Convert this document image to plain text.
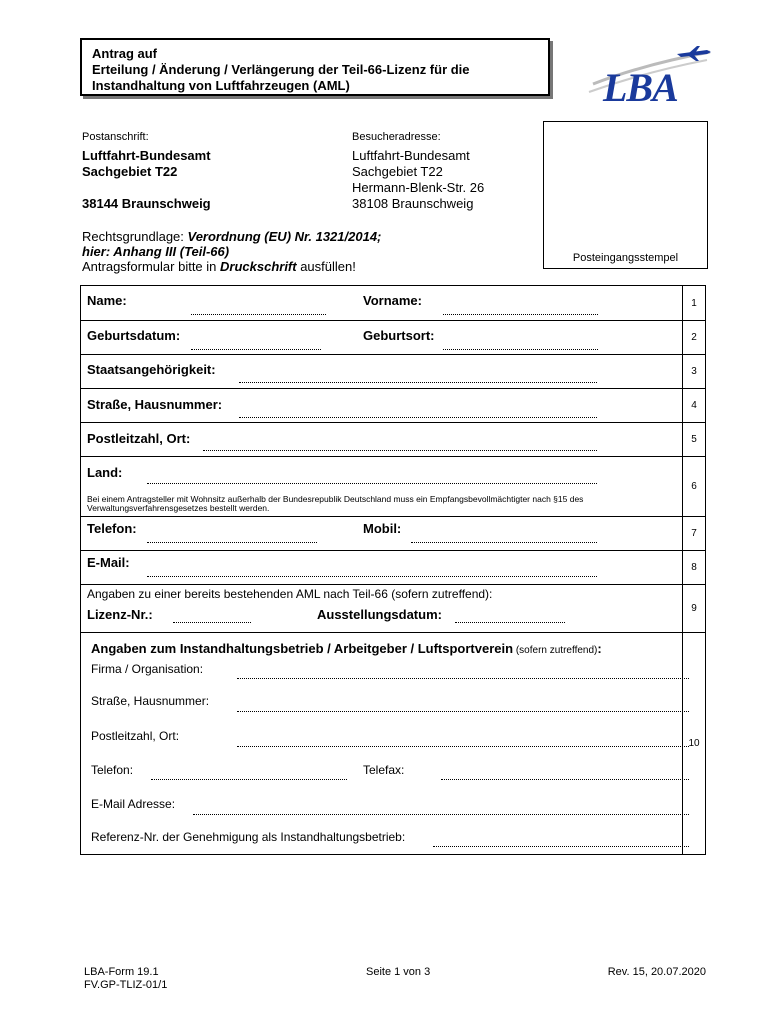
Antrag auf
Erteilung / Änderung / Verlängerung der Teil-66-Lizenz für die
Instandhaltung von Luftfahrzeugen (AML)	LBA
Postanschrift:
Luftfahrt-Bundesamt
Sachgebiet T22
38144 Braunschweig
Besucheradresse:
Luftfahrt-Bundesamt
Sachgebiet T22
Hermann-Blenk-Str. 26
38108 Braunschweig
Posteingangsstempel
Rechtsgrundlage: Verordnung (EU) Nr. 1321/2014;
hier: Anhang III (Teil-66)
Antragsformular bitte in Druckschrift ausfüllen!
Name:	Vorname:	1
Geburtsdatum:	Geburtsort:	2
Staatsangehörigkeit:	3
Straße, Hausnummer:	4
Postleitzahl, Ort:	5
Land:
Bei einem Antragsteller mit Wohnsitz außerhalb der Bundesrepublik Deutschland muss ein Empfangsbevollmächtigter nach §15 des Verwaltungsverfahrensgesetzes bestellt werden.
6
Telefon:	Mobil:	7
E-Mail:	8
Angaben zu einer bereits bestehenden AML nach Teil-66 (sofern zutreffend):
Lizenz-Nr.:	Ausstellungsdatum:	9
Angaben zum Instandhaltungsbetrieb / Arbeitgeber / Luftsportverein (sofern zutreffend):
Firma / Organisation:
Straße, Hausnummer:
Postleitzahl, Ort:
Telefon:	Telefax:
E-Mail Adresse:
Referenz-Nr. der Genehmigung als Instandhaltungsbetrieb:
10
LBA-Form 19.1
FV.GP-TLIZ-01/1
Seite 1 von 3	Rev. 15, 20.07.2020
